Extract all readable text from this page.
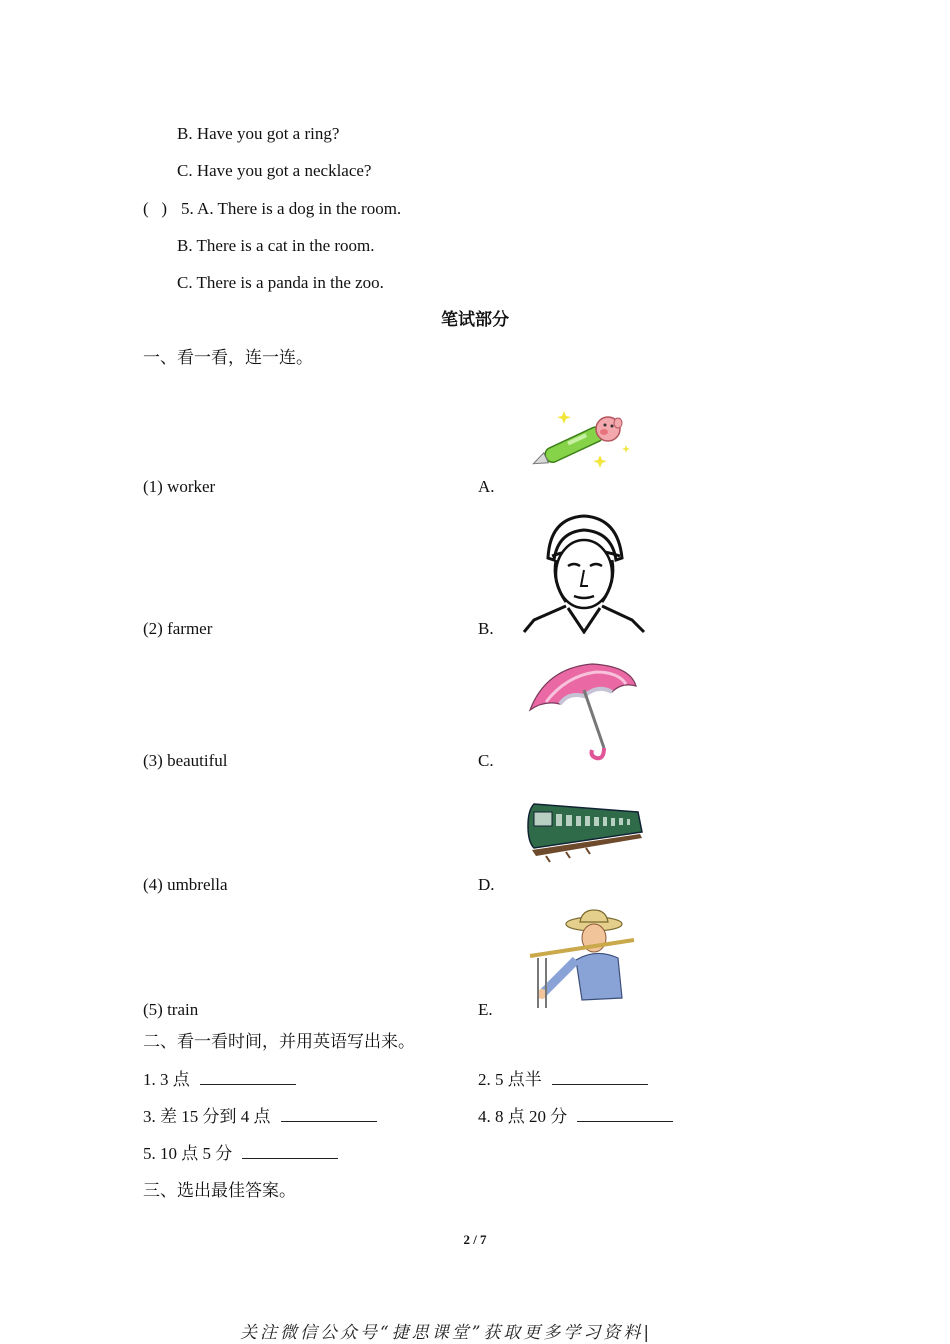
B. Have you got a ring?
C. Have you got a necklace?
(   ) 5. A. There is a dog in the room.
B. There is a cat in the room.
C. There is a panda in the zoo.
笔试部分
一、看一看，连一连。
(1) worker
(2) farmer
(3) beautiful
(4) umbrella
(5) train
A.
B.
C.
D.
E.
二、看一看时间，并用英语写出来。
1. 3 点	2. 5 点半
3. 差 15 分到 4 点	4. 8 点 20 分
5. 10 点 5 分
三、选出最佳答案。
2 / 7
关注微信公众号“捷思课堂”获取更多学习资料|
